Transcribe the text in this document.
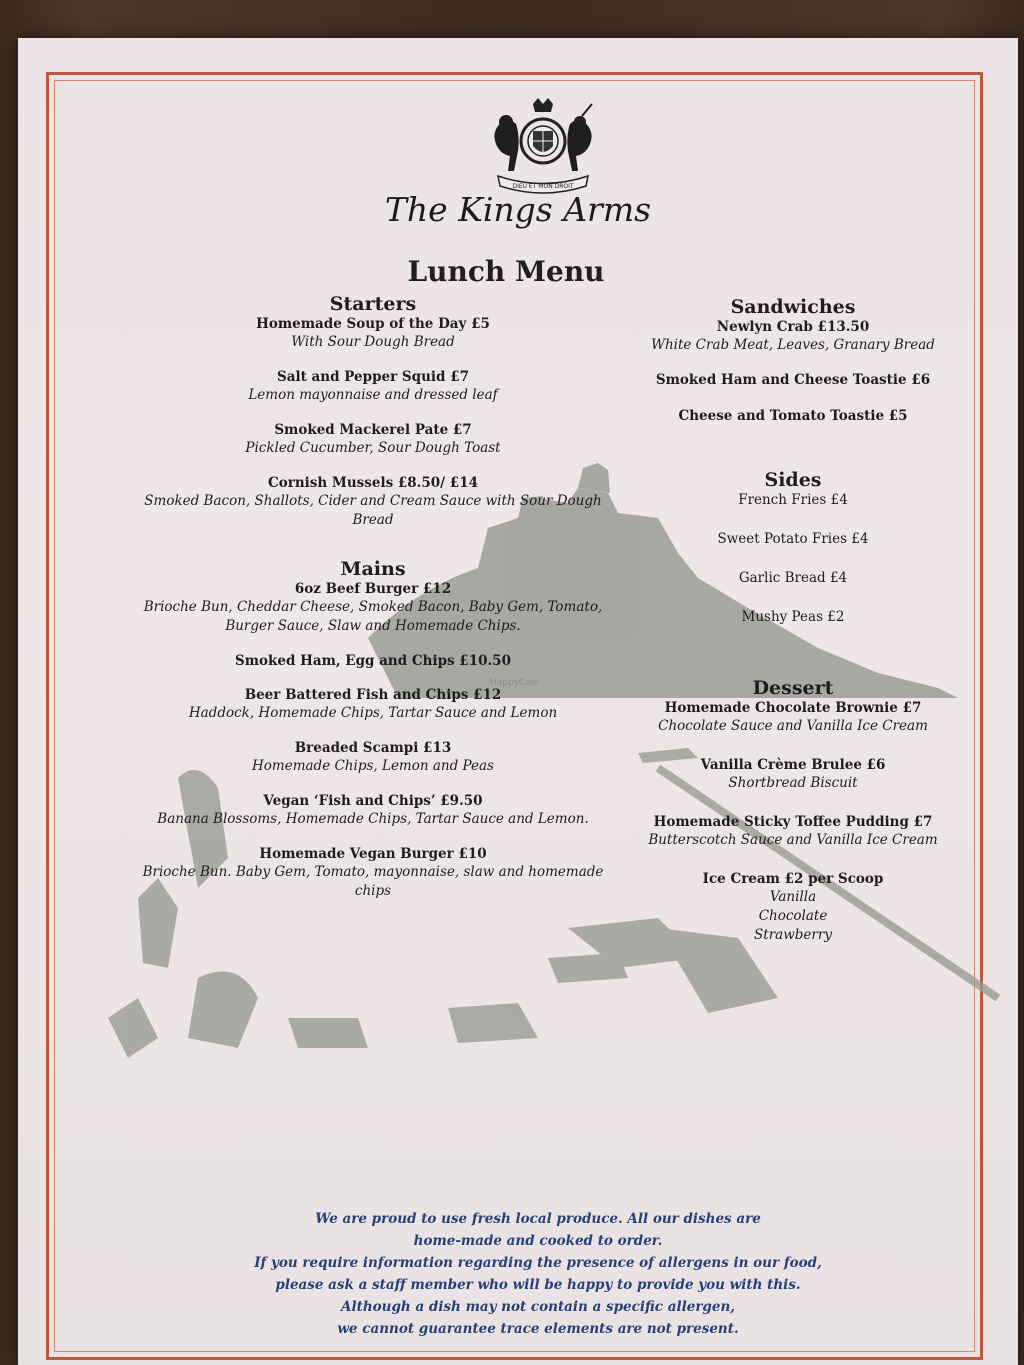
DIEU ET MON DROIT
The Kings Arms
Lunch Menu
HappyCow
Starters
Homemade Soup of the Day £5
With Sour Dough Bread
Salt and Pepper Squid £7
Lemon mayonnaise and dressed leaf
Smoked Mackerel Pate £7
Pickled Cucumber, Sour Dough Toast
Cornish Mussels £8.50/ £14
Smoked Bacon, Shallots, Cider and Cream Sauce with Sour Dough Bread
Mains
6oz Beef Burger £12
Brioche Bun, Cheddar Cheese, Smoked Bacon, Baby Gem, Tomato, Burger Sauce, Slaw and Homemade Chips.
Smoked Ham, Egg and Chips £10.50
Beer Battered Fish and Chips £12
Haddock, Homemade Chips, Tartar Sauce and Lemon
Breaded Scampi £13
Homemade Chips, Lemon and Peas
Vegan ‘Fish and Chips’ £9.50
Banana Blossoms, Homemade Chips, Tartar Sauce and Lemon.
Homemade Vegan Burger £10
Brioche Bun. Baby Gem, Tomato, mayonnaise, slaw and homemade chips
Sandwiches
Newlyn Crab £13.50
White Crab Meat, Leaves, Granary Bread
Smoked Ham and Cheese Toastie £6
Cheese and Tomato Toastie £5
Sides
French Fries £4
Sweet Potato Fries £4
Garlic Bread £4
Mushy Peas £2
Dessert
Homemade Chocolate Brownie £7
Chocolate Sauce and Vanilla Ice Cream
Vanilla Crème Brulee £6
Shortbread Biscuit
Homemade Sticky Toffee Pudding £7
Butterscotch Sauce and Vanilla Ice Cream
Ice Cream £2 per Scoop
Vanilla
Chocolate
Strawberry
We are proud to use fresh local produce. All our dishes are
home-made and cooked to order.
If you require information regarding the presence of allergens in our food,
please ask a staff member who will be happy to provide you with this.
Although a dish may not contain a specific allergen,
we cannot guarantee trace elements are not present.
